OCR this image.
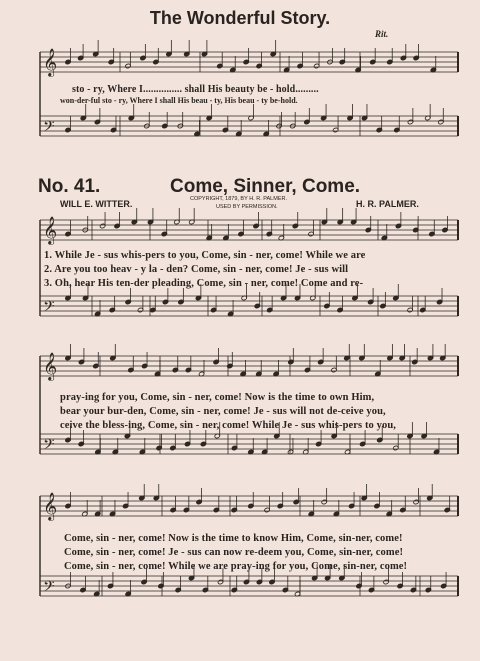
𝄞
𝄢
𝄞
𝄢
𝄞
𝄢
𝄞
𝄢
The Wonderful Story.
Rit.
sto - ry, Where I............... shall His beauty be - hold.........
won-der-ful sto - ry, Where I shall His beau - ty, His beau - ty be-hold.
No. 41.	Come, Sinner, Come.
COPYRIGHT, 1879, BY H. R. PALMER.
USED BY PERMISSION.
WILL E. WITTER.	H. R. PALMER.
1. While Je - sus whis-pers to you, Come, sin - ner, come! While we are
2. Are you too heav - y la - den? Come, sin - ner, come! Je - sus will
3. Oh, hear His ten-der pleading, Come, sin - ner, come! Come and re-
pray-ing for you, Come, sin - ner, come! Now is the time to own Him,
bear your bur-den, Come, sin - ner, come! Je - sus will not de-ceive you,
ceive the bless-ing, Come, sin - ner, come! While Je - sus whis-pers to you,
Come, sin - ner, come! Now is the time to know Him, Come, sin-ner, come!
Come, sin - ner, come! Je - sus can now re-deem you, Come, sin-ner, come!
Come, sin - ner, come! While we are pray-ing for you, Come, sin-ner, come!
